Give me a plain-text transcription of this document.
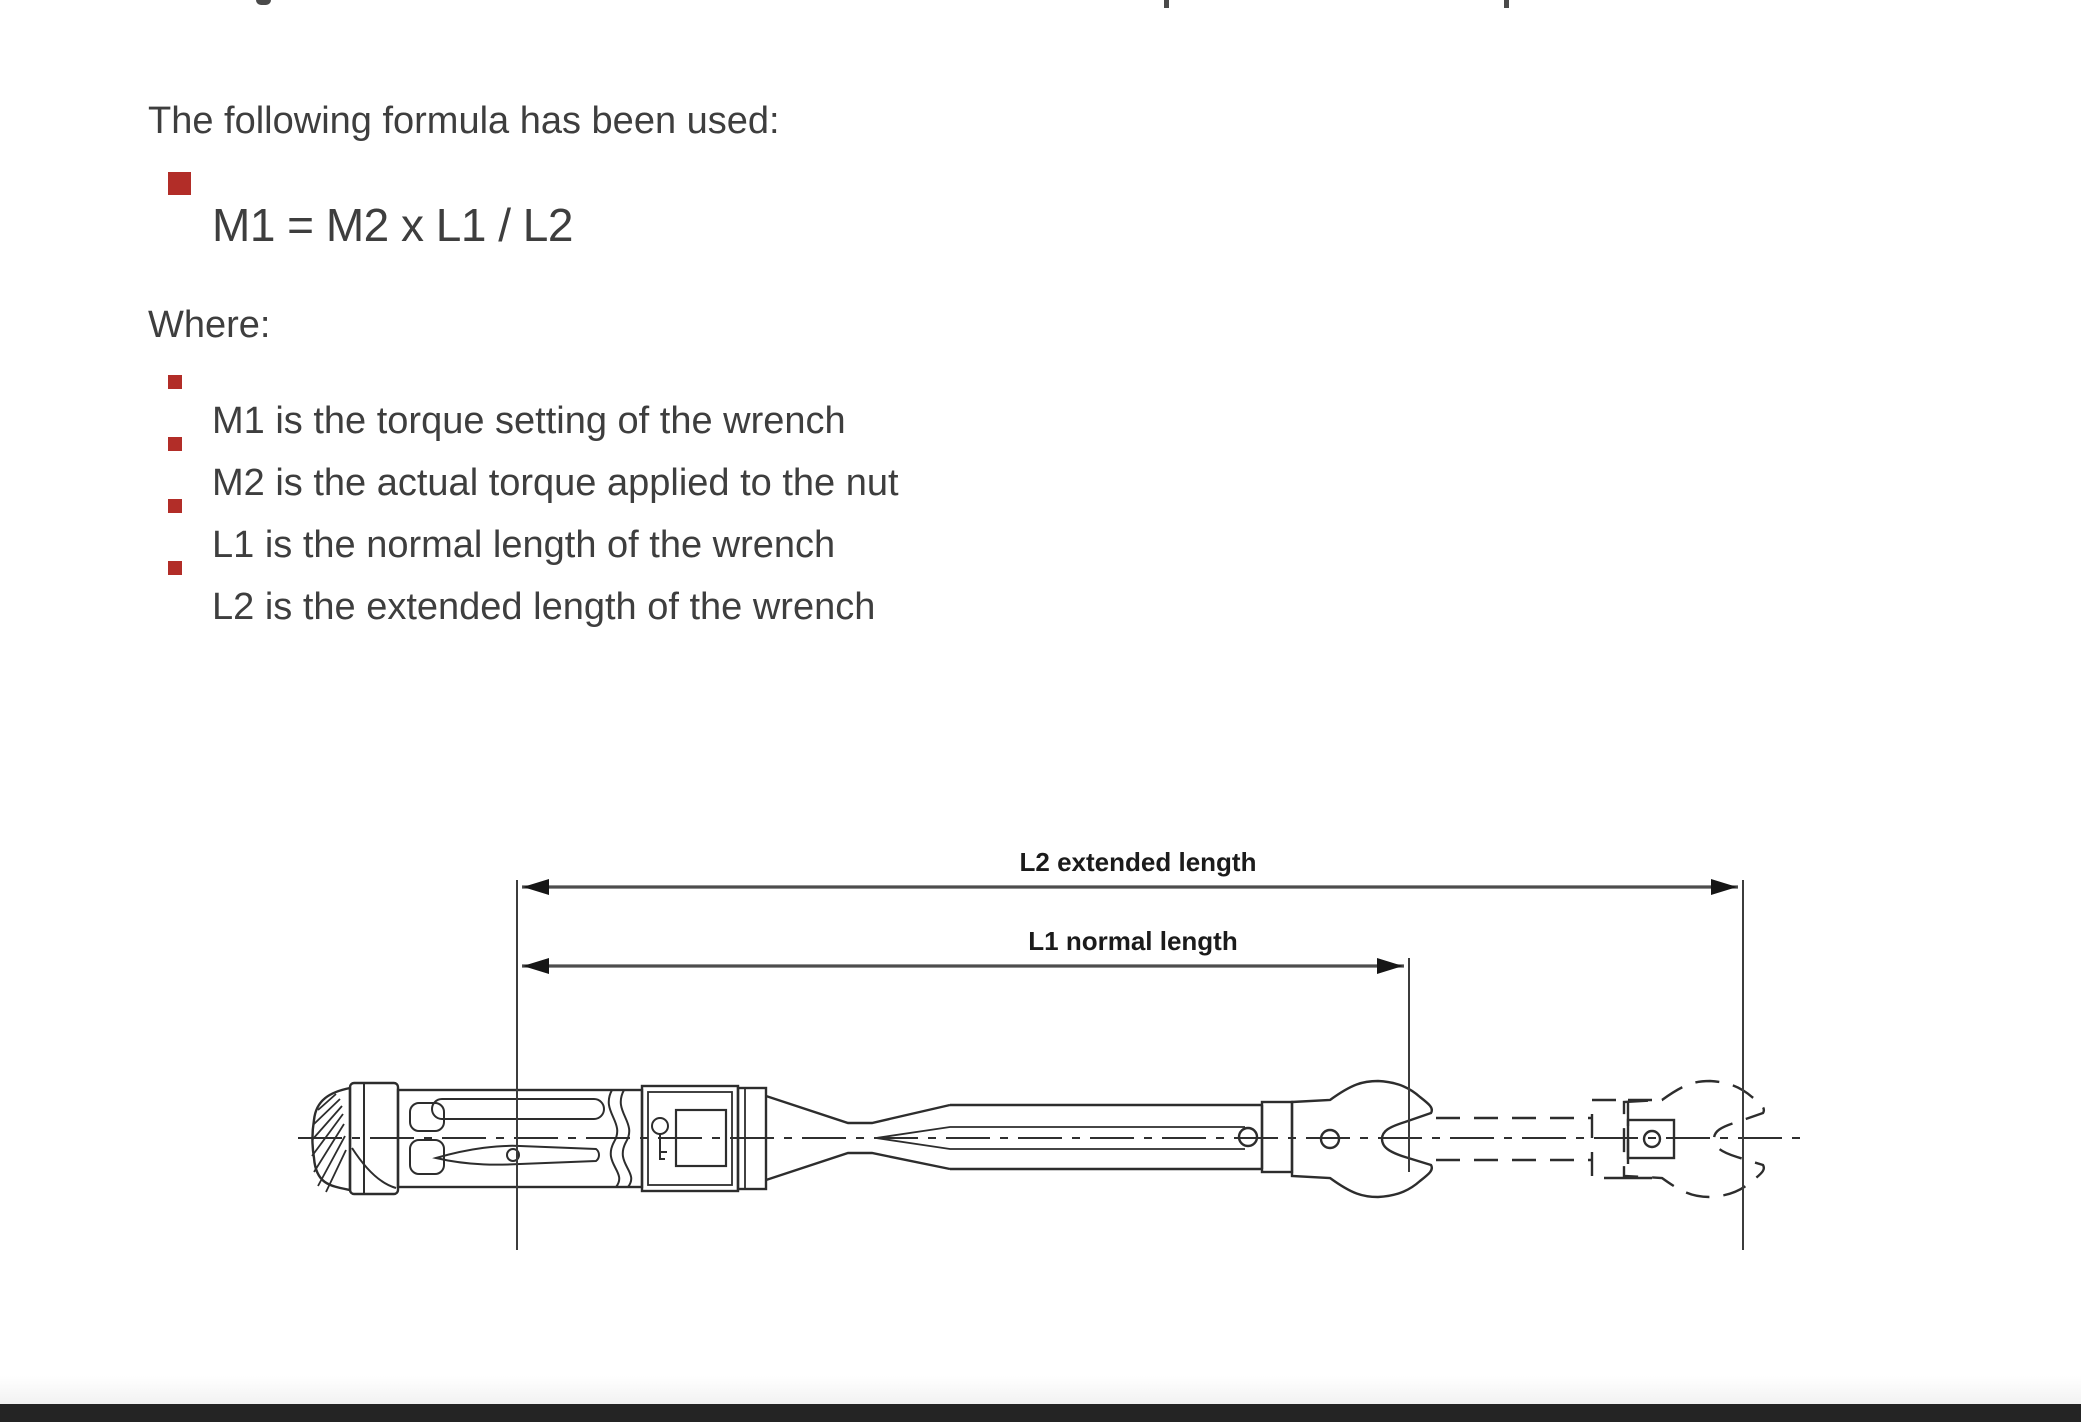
The following formula has been used:

M1 = M2 x L1 / L2

Where:

M1 is the torque setting of the wrench

M2 is the actual torque applied to the nut

L1 is the normal length of the wrench

L2 is the extended length of the wrench

L2 extended length
L1 normal length
